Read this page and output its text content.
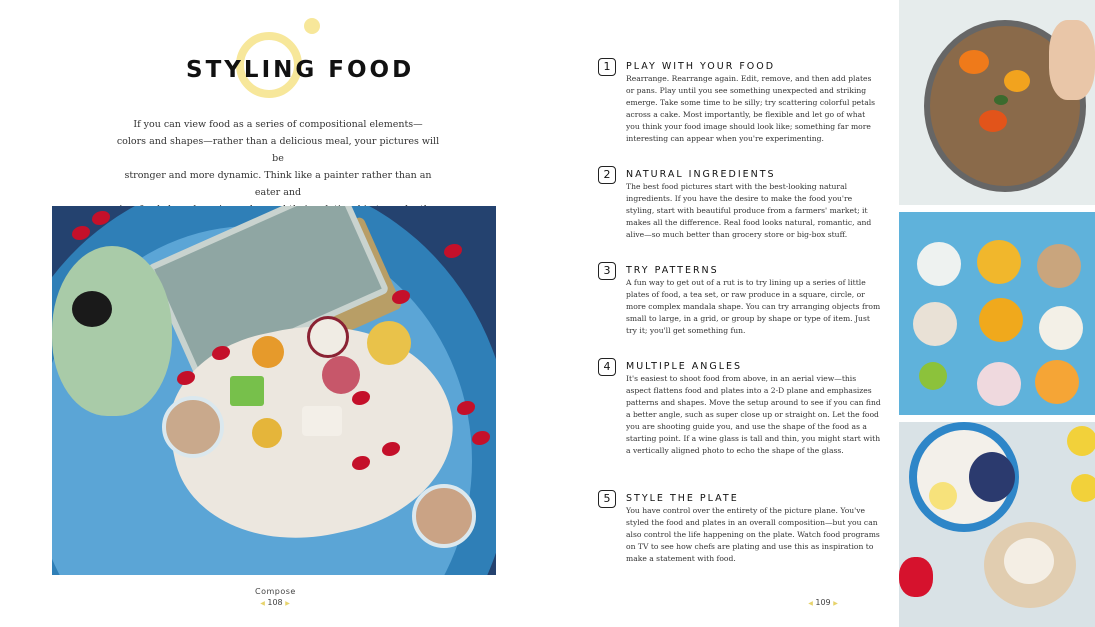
STYLING FOOD
If you can view food as a series of compositional elements—
colors and shapes—rather than a delicious meal, your pictures will be
stronger and more dynamic. Think like a painter rather than an eater and
Compose
◀ 108 ▶
1	PLAY WITH YOUR FOOD
Rearrange. Rearrange again. Edit, remove, and then add plates or pans. Play until you see something unexpected and striking emerge. Take some time to be silly; try scattering colorful petals across a cake. Most importantly, be flexible and let go of what you think your food image should look like; something far more interesting can appear when you're experimenting.
2	NATURAL INGREDIENTS
The best food pictures start with the best-looking natural ingredients. If you have the desire to make the food you're styling, start with beautiful produce from a farmers' market; it makes all the difference. Real food looks natural, romantic, and alive—so much better than grocery store or big-box stuff.
3	TRY PATTERNS
A fun way to get out of a rut is to try lining up a series of little plates of food, a tea set, or raw produce in a square, circle, or more complex mandala shape. You can try arranging objects from small to large, in a grid, or group by shape or type of item. Just try it; you'll get something fun.
4	MULTIPLE ANGLES
It's easiest to shoot food from above, in an aerial view—this aspect flattens food and plates into a 2-D plane and emphasizes patterns and shapes. Move the setup around to see if you can find a better angle, such as super close up or straight on. Let the food you are shooting guide you, and use the shape of the food as a starting point. If a wine glass is tall and thin, you might start with a vertically aligned photo to echo the shape of the glass.
5	STYLE THE PLATE
You have control over the entirety of the picture plane. You've styled the food and plates in an overall composition—but you can also control the life happening on the plate. Watch food programs on TV to see how chefs are plating and use this as inspiration to make a statement with food.
◀ 109 ▶
